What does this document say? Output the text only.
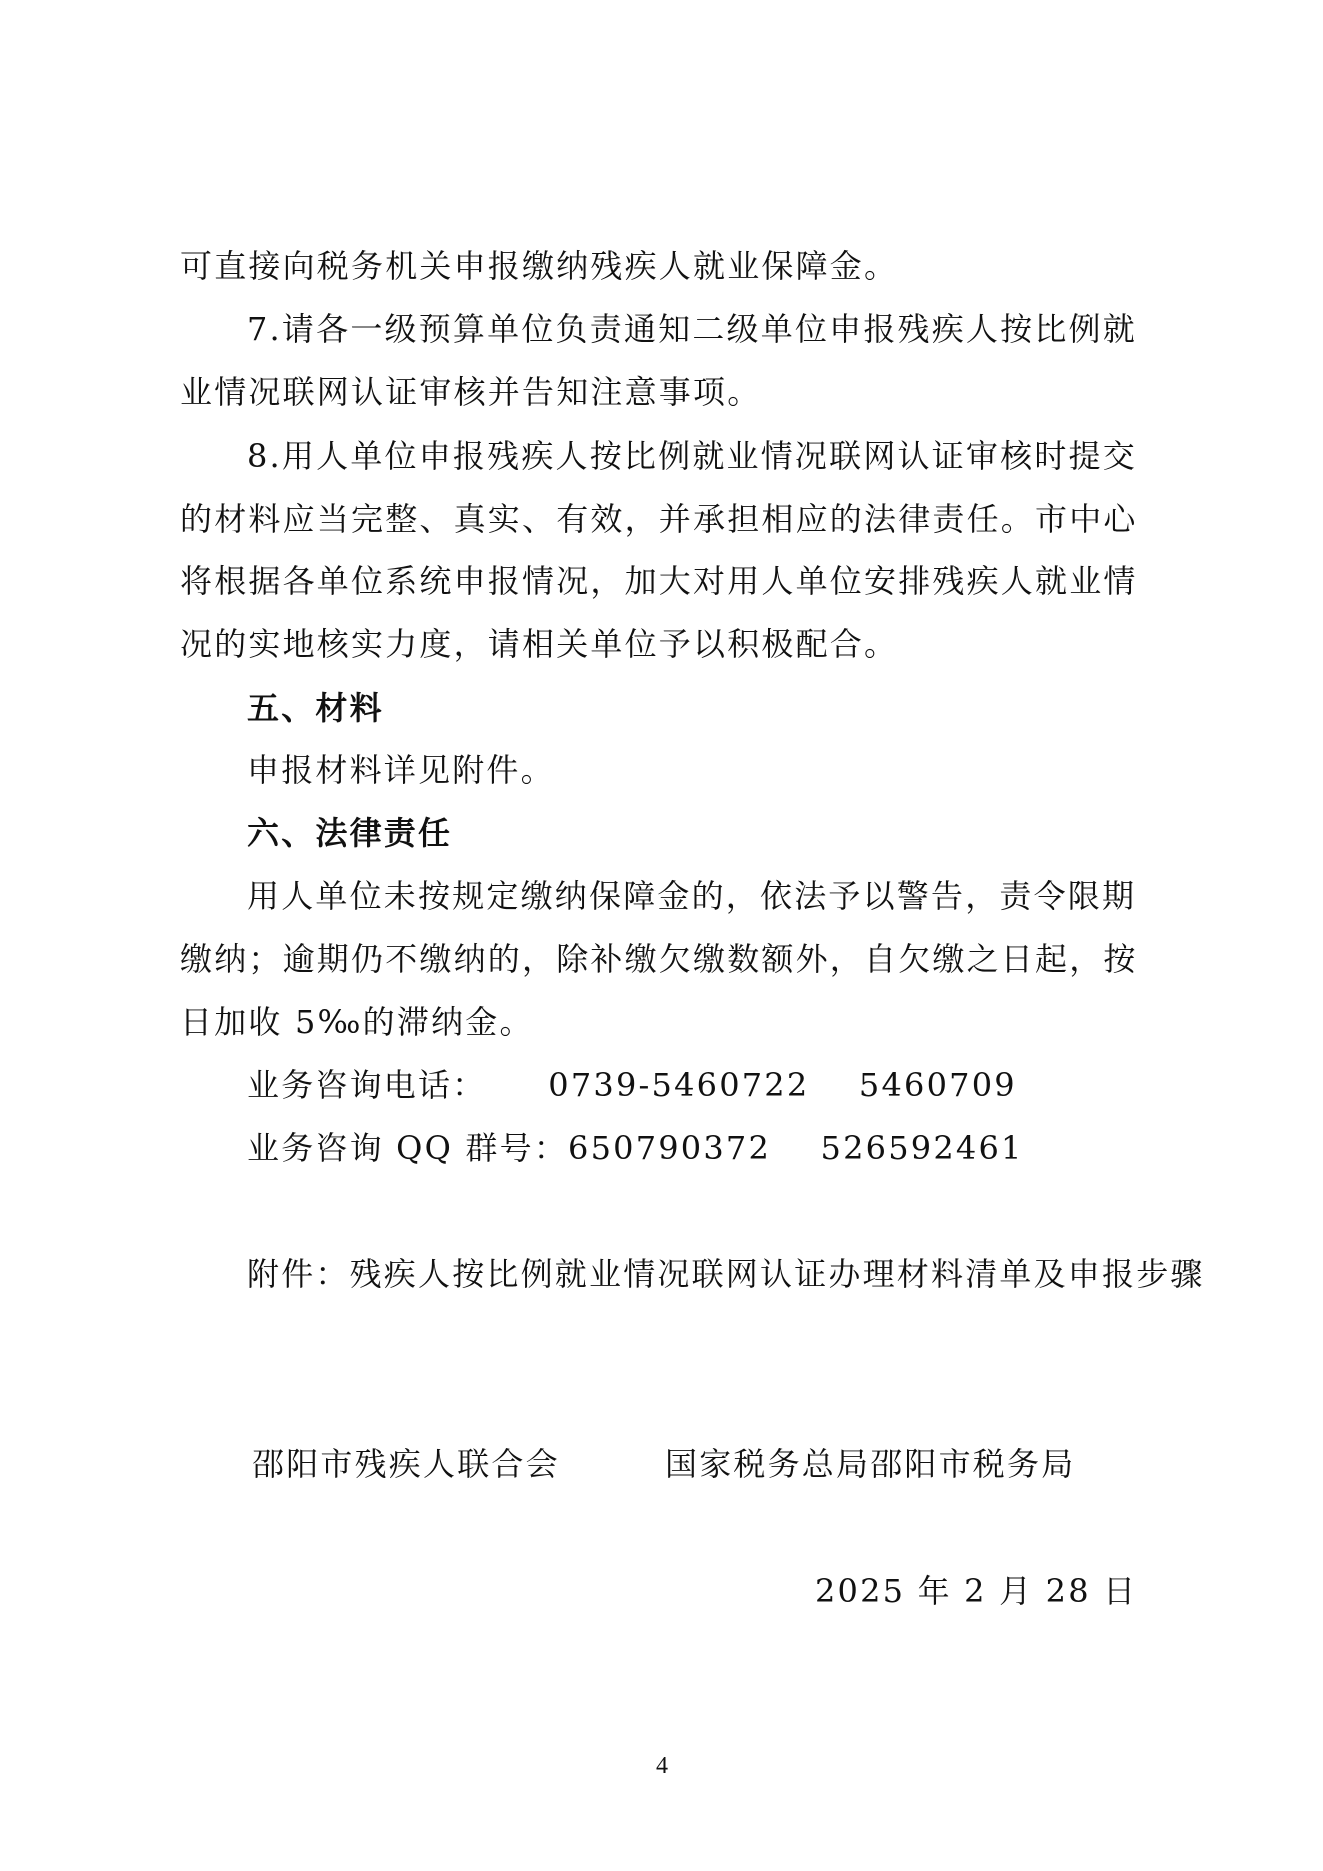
可直接向税务机关申报缴纳残疾人就业保障金。
7.请各一级预算单位负责通知二级单位申报残疾人按比例就
业情况联网认证审核并告知注意事项。
8.用人单位申报残疾人按比例就业情况联网认证审核时提交
的材料应当完整、真实、有效，并承担相应的法律责任。市中心
将根据各单位系统申报情况，加大对用人单位安排残疾人就业情
况的实地核实力度，请相关单位予以积极配合。
五、材料
申报材料详见附件。
六、法律责任
用人单位未按规定缴纳保障金的，依法予以警告，责令限期
缴纳；逾期仍不缴纳的，除补缴欠缴数额外，自欠缴之日起，按
日加收 5‰的滞纳金。
业务咨询电话：     0739-5460722    5460709
业务咨询 QQ 群号：650790372    526592461
附件：残疾人按比例就业情况联网认证办理材料清单及申报步骤
邵阳市残疾人联合会	国家税务总局邵阳市税务局
2025 年 2 月 28 日
4
